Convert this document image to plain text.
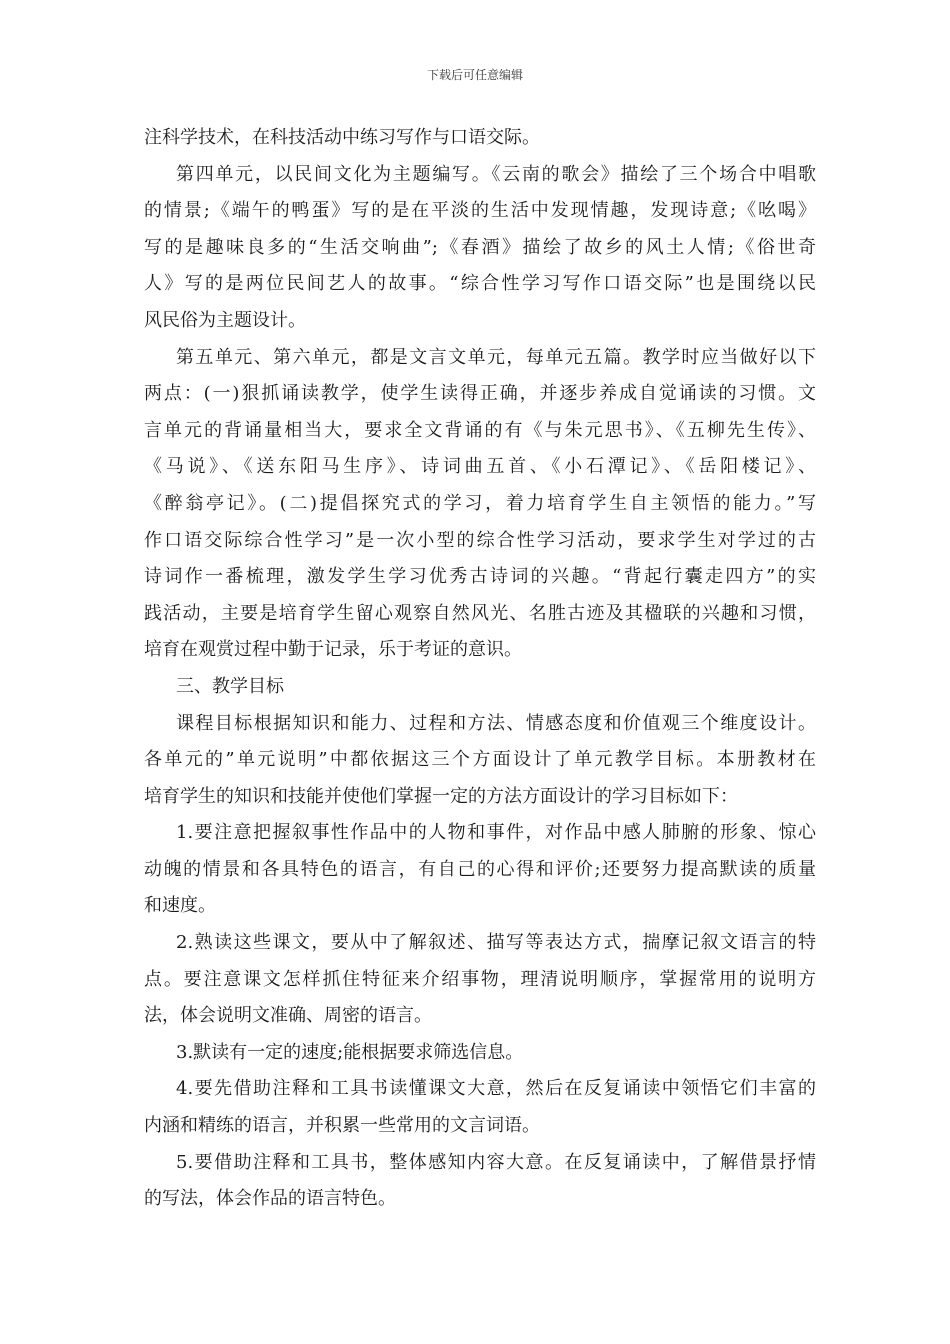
下载后可任意编辑
注科学技术，在科技活动中练习写作与口语交际。
第四单元，以民间文化为主题编写。《云南的歌会》描绘了三个场合中唱歌
的情景;《端午的鸭蛋》写的是在平淡的生活中发现情趣，发现诗意;《吆喝》
写的是趣味良多的“生活交响曲”;《春酒》描绘了故乡的风土人情;《俗世奇
人》写的是两位民间艺人的故事。“综合性学习写作口语交际”也是围绕以民
风民俗为主题设计。
第五单元、第六单元，都是文言文单元，每单元五篇。教学时应当做好以下
两点：(一)狠抓诵读教学，使学生读得正确，并逐步养成自觉诵读的习惯。文
言单元的背诵量相当大，要求全文背诵的有《与朱元思书》、《五柳先生传》、
《马说》、《送东阳马生序》、诗词曲五首、《小石潭记》、《岳阳楼记》、
《醉翁亭记》。(二)提倡探究式的学习，着力培育学生自主领悟的能力。”写
作口语交际综合性学习”是一次小型的综合性学习活动，要求学生对学过的古
诗词作一番梳理，激发学生学习优秀古诗词的兴趣。“背起行囊走四方”的实
践活动，主要是培育学生留心观察自然风光、名胜古迹及其楹联的兴趣和习惯，
培育在观赏过程中勤于记录，乐于考证的意识。
三、教学目标
课程目标根据知识和能力、过程和方法、情感态度和价值观三个维度设计。
各单元的”单元说明”中都依据这三个方面设计了单元教学目标。本册教材在
培育学生的知识和技能并使他们掌握一定的方法方面设计的学习目标如下：
1.要注意把握叙事性作品中的人物和事件，对作品中感人肺腑的形象、惊心
动魄的情景和各具特色的语言，有自己的心得和评价;还要努力提高默读的质量
和速度。
2.熟读这些课文，要从中了解叙述、描写等表达方式，揣摩记叙文语言的特
点。要注意课文怎样抓住特征来介绍事物，理清说明顺序，掌握常用的说明方
法，体会说明文准确、周密的语言。
3.默读有一定的速度;能根据要求筛选信息。
4.要先借助注释和工具书读懂课文大意，然后在反复诵读中领悟它们丰富的
内涵和精练的语言，并积累一些常用的文言词语。
5.要借助注释和工具书，整体感知内容大意。在反复诵读中，了解借景抒情
的写法，体会作品的语言特色。
